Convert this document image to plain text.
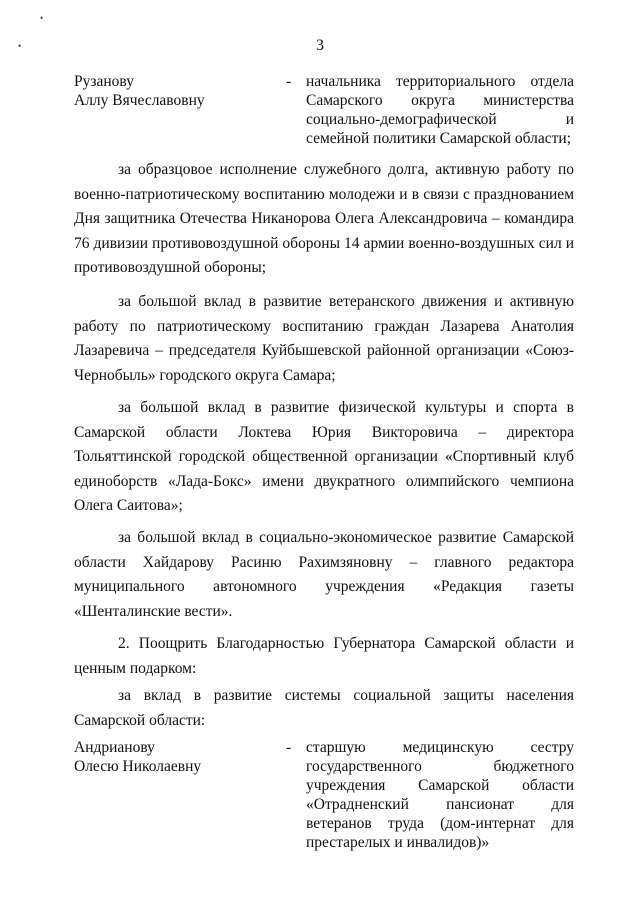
•
•	3
Рузанову
Аллу Вячеславовну
- начальника территориального отдела Самарского округа министерства социально-демографической и семейной политики Самарской области;
за образцовое исполнение служебного долга, активную работу по военно-патриотическому воспитанию молодежи и в связи с празднованием Дня защитника Отечества Никанорова Олега Александровича – командира 76 дивизии противовоздушной обороны 14 армии военно-воздушных сил и противовоздушной обороны;
за большой вклад в развитие ветеранского движения и активную работу по патриотическому воспитанию граждан Лазарева Анатолия Лазаревича – председателя Куйбышевской районной организации «Союз-Чернобыль» городского округа Самара;
за большой вклад в развитие физической культуры и спорта в Самарской области Локтева Юрия Викторовича – директора Тольяттинской городской общественной организации «Спортивный клуб единоборств «Лада-Бокс» имени двукратного олимпийского чемпиона Олега Саитова»;
за большой вклад в социально-экономическое развитие Самарской области Хайдарову Расиню Рахимзяновну – главного редактора муниципального автономного учреждения «Редакция газеты «Шенталинские вести».
2. Поощрить Благодарностью Губернатора Самарской области и ценным подарком:
за вклад в развитие системы социальной защиты населения Самарской области:
Андрианову
Олесю Николаевну
- старшую медицинскую сестру государственного бюджетного учреждения Самарской области «Отрадненский пансионат для ветеранов труда (дом-интернат для престарелых и инвалидов)»
